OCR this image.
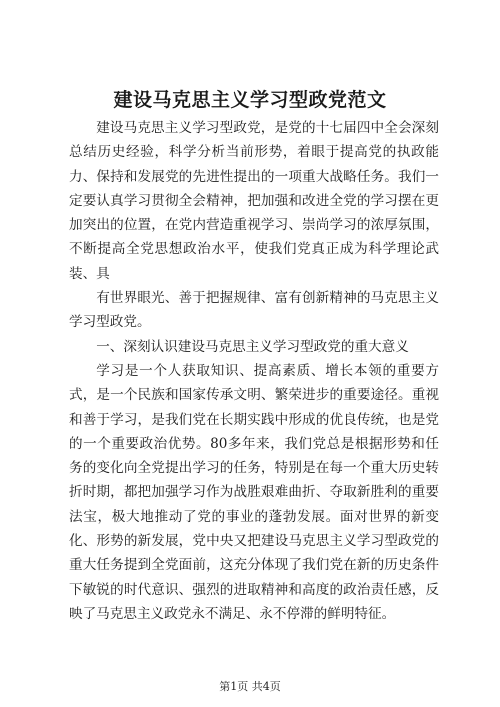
建设马克思主义学习型政党范文

建设马克思主义学习型政党，是党的十七届四中全会深刻总结历史经验，科学分析当前形势，着眼于提高党的执政能力、保持和发展党的先进性提出的一项重大战略任务。我们一定要认真学习贯彻全会精神，把加强和改进全党的学习摆在更加突出的位置，在党内营造重视学习、崇尚学习的浓厚氛围，不断提高全党思想政治水平，使我们党真正成为科学理论武装、具

有世界眼光、善于把握规律、富有创新精神的马克思主义学习型政党。

一、深刻认识建设马克思主义学习型政党的重大意义

学习是一个人获取知识、提高素质、增长本领的重要方式，是一个民族和国家传承文明、繁荣进步的重要途径。重视和善于学习，是我们党在长期实践中形成的优良传统，也是党的一个重要政治优势。80多年来，我们党总是根据形势和任务的变化向全党提出学习的任务，特别是在每一个重大历史转折时期，都把加强学习作为战胜艰难曲折、夺取新胜利的重要法宝，极大地推动了党的事业的蓬勃发展。面对世界的新变化、形势的新发展，党中央又把建设马克思主义学习型政党的重大任务提到全党面前，这充分体现了我们党在新的历史条件下敏锐的时代意识、强烈的进取精神和高度的政治责任感，反映了马克思主义政党永不满足、永不停滞的鲜明特征。

第1页 共4页
